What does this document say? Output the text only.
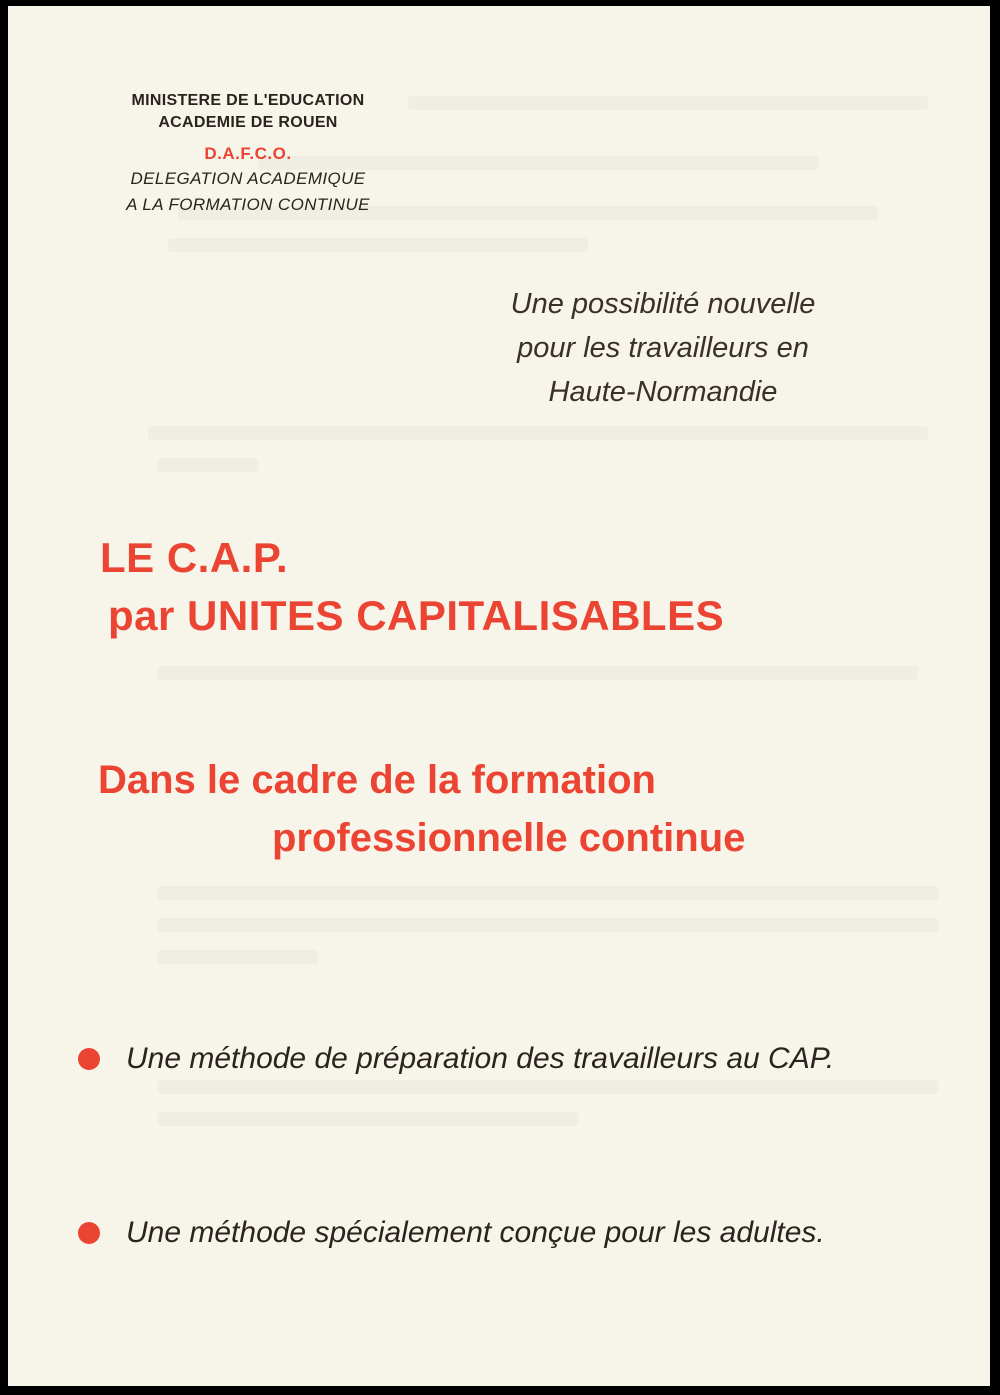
MINISTERE DE L'EDUCATION
ACADEMIE DE ROUEN
D.A.F.C.O.
DELEGATION ACADEMIQUE
A LA FORMATION CONTINUE
Une possibilité nouvelle
pour les travailleurs en
Haute-Normandie
LE C.A.P.
par UNITES CAPITALISABLES
Dans le cadre de la formation
professionnelle continue
Une méthode de préparation des travailleurs au CAP.
Une méthode spécialement conçue pour les adultes.
